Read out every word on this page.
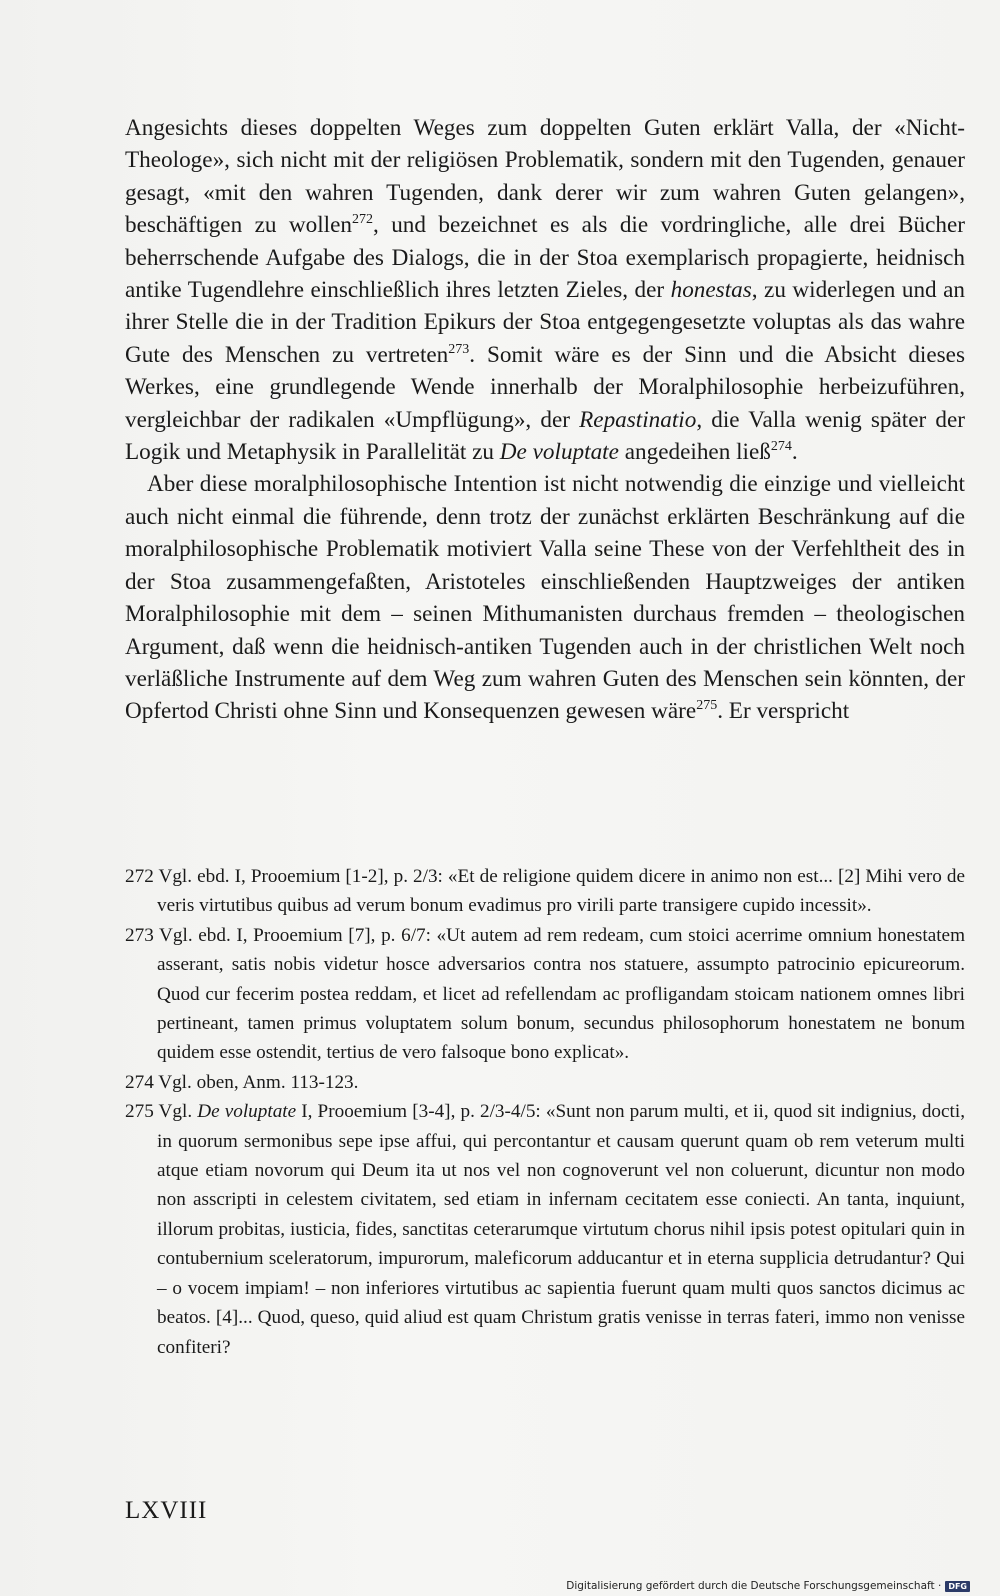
Angesichts dieses doppelten Weges zum doppelten Guten erklärt Valla, der «Nicht-Theologe», sich nicht mit der religiösen Problematik, sondern mit den Tugenden, genauer gesagt, «mit den wahren Tugenden, dank derer wir zum wahren Guten gelangen», beschäftigen zu wollen$^{272}$, und bezeichnet es als die vordringliche, alle drei Bücher beherrschende Aufgabe des Dialogs, die in der Stoa exemplarisch propagierte, heidnisch antike Tugendlehre einschließlich ihres letzten Zieles, der honestas, zu widerlegen und an ihrer Stelle die in der Tradition Epikurs der Stoa entgegengesetzte voluptas als das wahre Gute des Menschen zu vertreten$^{273}$. Somit wäre es der Sinn und die Absicht dieses Werkes, eine grundlegende Wende innerhalb der Moralphilosophie herbeizuführen, vergleichbar der radikalen «Umpflügung», der Repastinatio, die Valla wenig später der Logik und Metaphysik in Parallelität zu De voluptate angedeihen ließ$^{274}$.

Aber diese moralphilosophische Intention ist nicht notwendig die einzige und vielleicht auch nicht einmal die führende, denn trotz der zunächst erklärten Beschränkung auf die moralphilosophische Problematik motiviert Valla seine These von der Verfehltheit des in der Stoa zusammengefaßten, Aristoteles einschließenden Hauptzweiges der antiken Moralphilosophie mit dem – seinen Mithumanisten durchaus fremden – theologischen Argument, daß wenn die heidnisch-antiken Tugenden auch in der christlichen Welt noch verläßliche Instrumente auf dem Weg zum wahren Guten des Menschen sein könnten, der Opfertod Christi ohne Sinn und Konsequenzen gewesen wäre$^{275}$. Er verspricht

272 Vgl. ebd. I, Prooemium [1-2], p. 2/3: «Et de religione quidem dicere in animo non est... [2] Mihi vero de veris virtutibus quibus ad verum bonum evadimus pro virili parte transigere cupido incessit».

273 Vgl. ebd. I, Prooemium [7], p. 6/7: «Ut autem ad rem redeam, cum stoici acerrime omnium honestatem asserant, satis nobis videtur hosce adversarios contra nos statuere, assumpto patrocinio epicureorum. Quod cur fecerim postea reddam, et licet ad refellendam ac profligandam stoicam nationem omnes libri pertineant, tamen primus voluptatem solum bonum, secundus philosophorum honestatem ne bonum quidem esse ostendit, tertius de vero falsoque bono explicat».

274 Vgl. oben, Anm. 113-123.

275 Vgl. De voluptate I, Prooemium [3-4], p. 2/3-4/5: «Sunt non parum multi, et ii, quod sit indignius, docti, in quorum sermonibus sepe ipse affui, qui percontantur et causam querunt quam ob rem veterum multi atque etiam novorum qui Deum ita ut nos vel non cognoverunt vel non coluerunt, dicuntur non modo non asscripti in celestem civitatem, sed etiam in infernam cecitatem esse coniecti. An tanta, inquiunt, illorum probitas, iusticia, fides, sanctitas ceterarumque virtutum chorus nihil ipsis potest opitulari quin in contubernium sceleratorum, impurorum, maleficorum adducantur et in eterna supplicia detrudantur? Qui – o vocem impiam! – non inferiores virtutibus ac sapientia fuerunt quam multi quos sanctos dicimus ac beatos. [4]... Quod, queso, quid aliud est quam Christum gratis venisse in terras fateri, immo non venisse confiteri?

LXVIII

Digitalisierung gefördert durch die Deutsche Forschungsgemeinschaft · DFG
